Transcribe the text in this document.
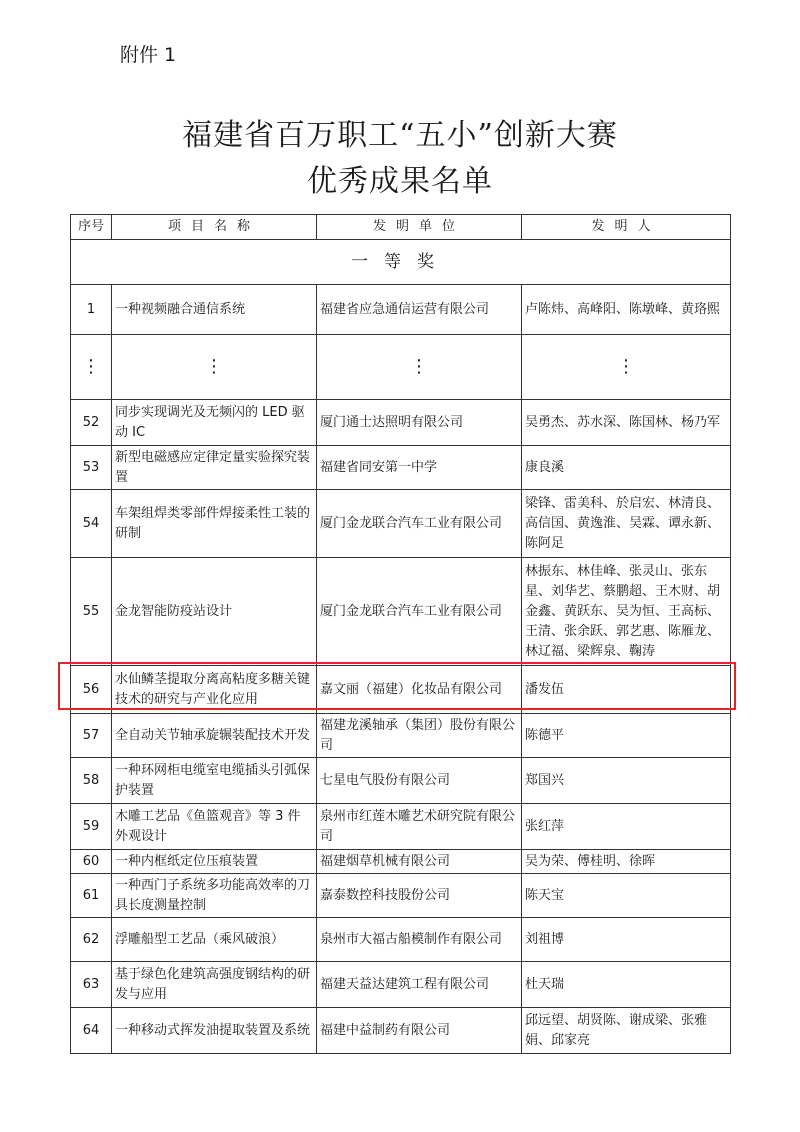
附件 1
福建省百万职工“五小”创新大赛
优秀成果名单
序号	项目名称	发明单位	发明人
一等奖			
1	一种视频融合通信系统	福建省应急通信运营有限公司	卢陈炜、高峰阳、陈墩峰、黄珞熙
⋮	⋮	⋮	⋮
52	同步实现调光及无频闪的 LED 驱动 IC	厦门通士达照明有限公司	吴勇杰、苏水深、陈国林、杨乃军
53	新型电磁感应定律定量实验探究装置	福建省同安第一中学	康良溪
54	车架组焊类零部件焊接柔性工装的研制	厦门金龙联合汽车工业有限公司	梁锋、雷美科、於启宏、林清良、高信国、黄逸淮、吴霖、谭永新、陈阿足
55	金龙智能防疫站设计	厦门金龙联合汽车工业有限公司	林振东、林佳峰、张灵山、张东星、刘华艺、蔡鹏超、王木财、胡金鑫、黄跃东、吴为恒、王高标、王清、张余跃、郭艺惠、陈雁龙、林辽福、梁辉泉、鞠涛
56	水仙鳞茎提取分离高粘度多糖关键技术的研究与产业化应用	嘉文丽（福建）化妆品有限公司	潘发伍
57	全自动关节轴承旋辗装配技术开发	福建龙溪轴承（集团）股份有限公司	陈德平
58	一种环网柜电缆室电缆插头引弧保护装置	七星电气股份有限公司	郑国兴
59	木雕工艺品《鱼篮观音》等 3 件外观设计	泉州市红莲木雕艺术研究院有限公司	张红萍
60	一种内框纸定位压痕装置	福建烟草机械有限公司	吴为荣、傅桂明、徐晖
61	一种西门子系统多功能高效率的刀具长度测量控制	嘉泰数控科技股份公司	陈天宝
62	浮雕船型工艺品（乘风破浪）	泉州市大福古船模制作有限公司	刘祖博
63	基于绿色化建筑高强度钢结构的研发与应用	福建天益达建筑工程有限公司	杜天瑞
64	一种移动式挥发油提取装置及系统	福建中益制药有限公司	邱远望、胡贤陈、谢成梁、张雅娟、邱家亮
